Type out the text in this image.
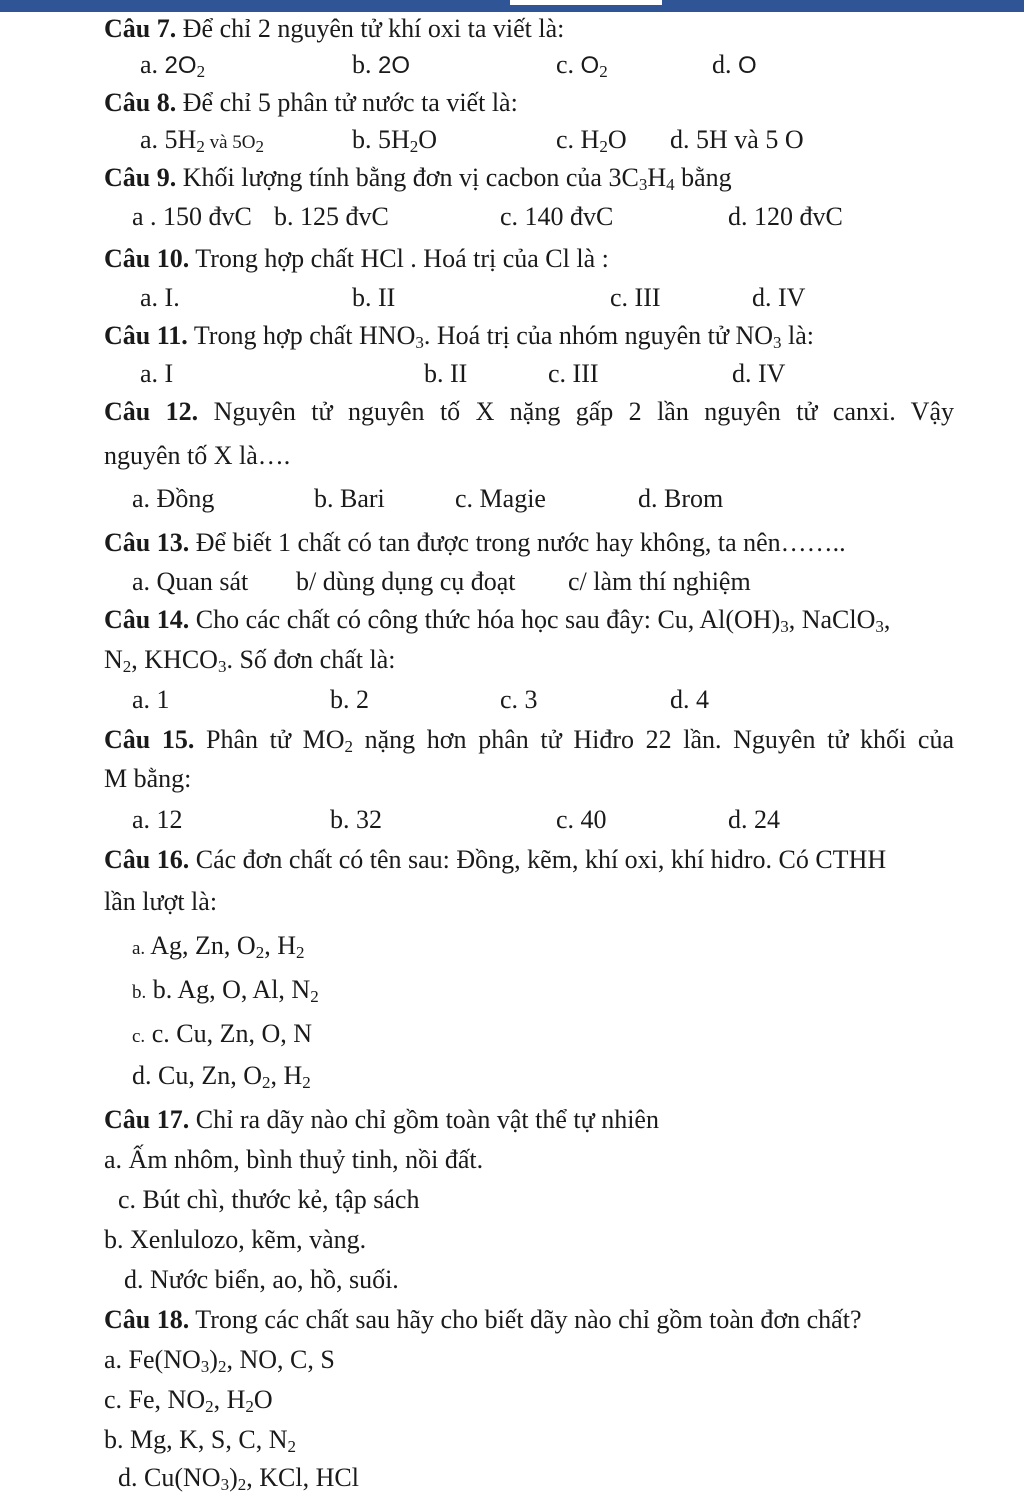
Câu 7. Để chỉ 2 nguyên tử khí oxi ta viết là:
a. $2O_2$	b. 2O	c. $O_2$	d. O
Câu 8. Để chỉ 5 phân tử nước ta viết là:
a. $5H_2$ và $5O_2$	b. $5H_2O$	c. $H_2O$ d. 5H và 5 O
Câu 9. Khối lượng tính bằng đơn vị cacbon của $3C_3H_4$ bằng
a . 150 đvC b. 125 đvC	c. 140 đvC	d. 120 đvC
Câu 10. Trong hợp chất HCl . Hoá trị của Cl là :
a. I.	b. II	c. III	d. IV
Câu 11. Trong hợp chất $HNO_3$. Hoá trị của nhóm nguyên tử $NO_3$ là:
a. I	b. II	c. III	d. IV
Câu 12. Nguyên tử nguyên tố X nặng gấp 2 lần nguyên tử canxi. Vậy
nguyên tố X là….
a. Đồng	b. Bari	c. Magie	d. Brom
Câu 13. Để biết 1 chất có tan được trong nước hay không, ta nên……..
a. Quan sát b/ dùng dụng cụ đoạt c/ làm thí nghiệm
Câu 14. Cho các chất có công thức hóa học sau đây: Cu, $Al(OH)_3$, NaClO$_3$,
$N_2$, $KHCO_3$. Số đơn chất là:
a. 1	b. 2	c. 3	d. 4
Câu 15. Phân tử $MO_2$ nặng hơn phân tử Hiđro 22 lần. Nguyên tử khối của
M bằng:
a. 12	b. 32	c. 40	d. 24
Câu 16. Các đơn chất có tên sau: Đồng, kẽm, khí oxi, khí hidro. Có CTHH
lần lượt là:
a. Ag, Zn, $O_2$, $H_2$
b. b. Ag, O, Al, $N_2$
c. c. Cu, Zn, O, N
d. Cu, Zn, $O_2$, $H_2$
Câu 17. Chỉ ra dãy nào chỉ gồm toàn vật thể tự nhiên
a. Ấm nhôm, bình thuỷ tinh, nồi đất.
c. Bút chì, thước kẻ, tập sách
b. Xenlulozo, kẽm, vàng.
d. Nước biển, ao, hồ, suối.
Câu 18. Trong các chất sau hãy cho biết dãy nào chỉ gồm toàn đơn chất?
a. $Fe(NO_3)_2$, NO, C, S
c. Fe, $NO_2$, $H_2O$
b. Mg, K, S, C, $N_2$
d. $Cu(NO_3)_2$, KCl, HCl
